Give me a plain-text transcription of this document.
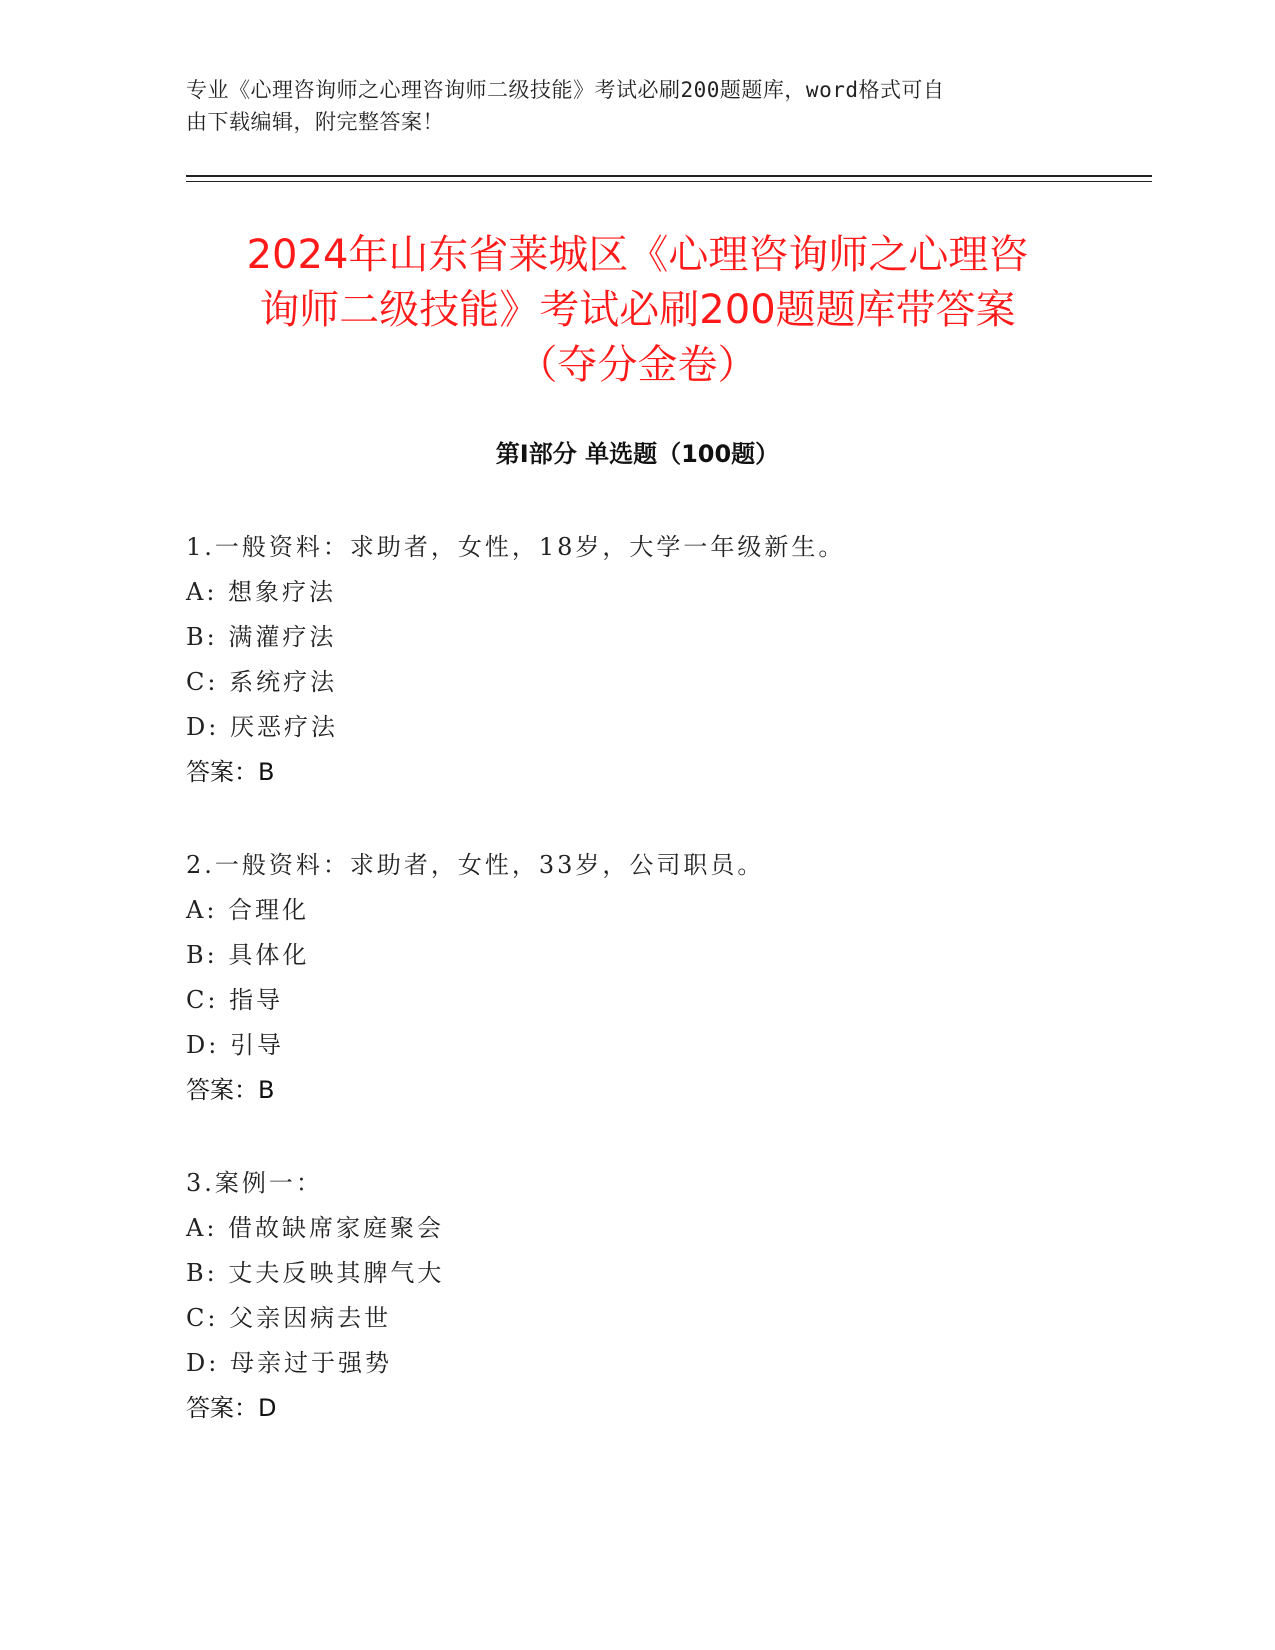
专业《心理咨询师之心理咨询师二级技能》考试必刷200题题库，word格式可自
由下载编辑，附完整答案！
2024年山东省莱城区《心理咨询师之心理咨
询师二级技能》考试必刷200题题库带答案
（夺分金卷）
第Ⅰ部分 单选题（100题）
1.一般资料：求助者，女性，18岁，大学一年级新生。
A: 想象疗法
B: 满灌疗法
C: 系统疗法
D: 厌恶疗法
答案：B
2.一般资料：求助者，女性，33岁，公司职员。
A: 合理化
B: 具体化
C: 指导
D: 引导
答案：B
3.案例一：
A: 借故缺席家庭聚会
B: 丈夫反映其脾气大
C: 父亲因病去世
D: 母亲过于强势
答案：D
